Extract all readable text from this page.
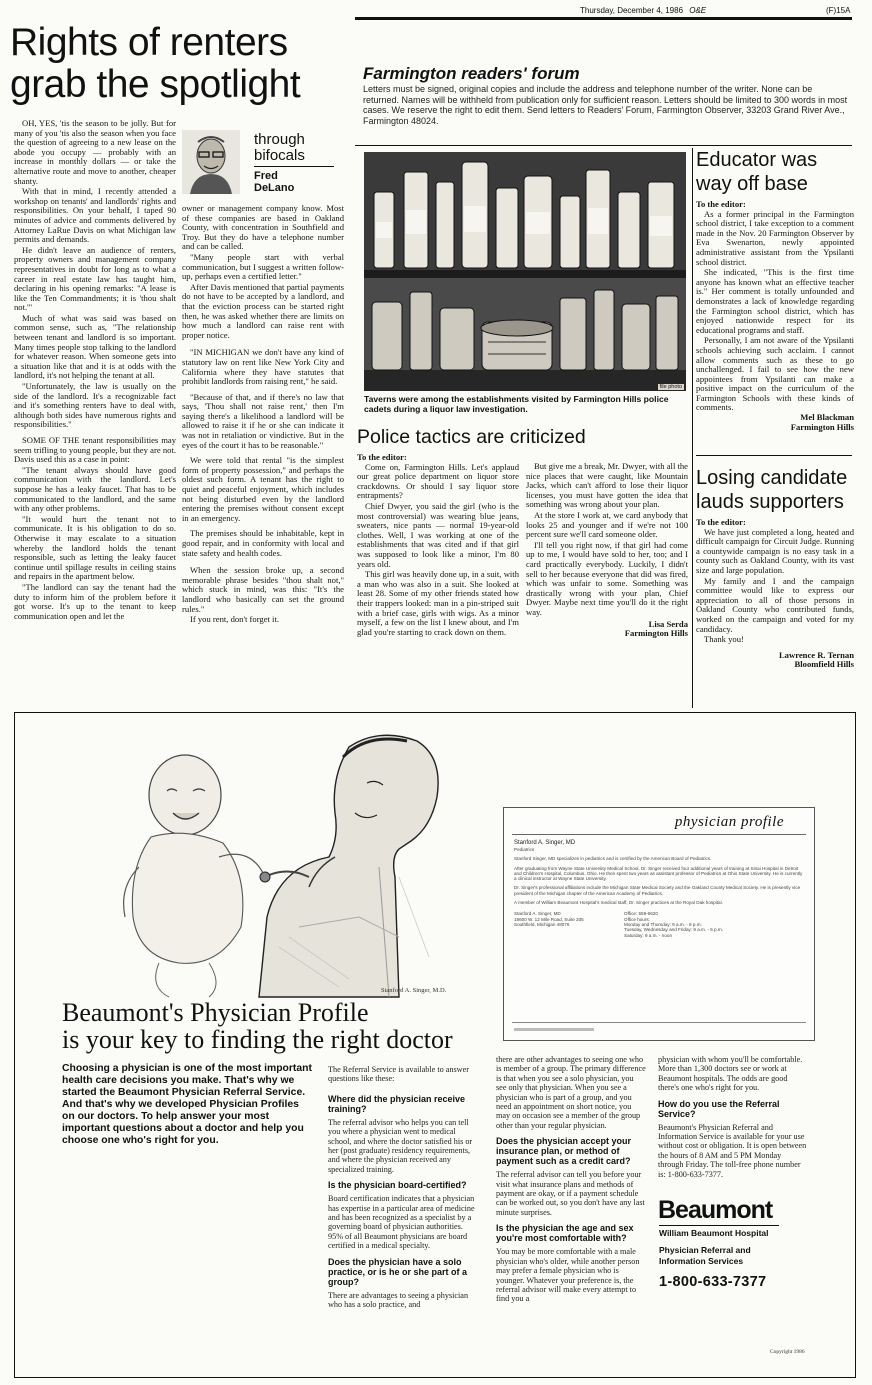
Thursday, December 4, 1986 O&E	(F)15A
Rights of renters
grab the spotlight
through
bifocals
Fred
DeLano

OH, YES, 'tis the season to be jolly. But for many of you 'tis also the season when you face the question of agreeing to a new lease on the abode you occupy — probably with an increase in monthly dollars — or take the alternative route and move to another, cheaper shanty.

With that in mind, I recently attended a workshop on tenants' and landlords' rights and responsibilities. On your behalf, I taped 90 minutes of advice and comments delivered by Attorney LaRue Davis on what Michigan law permits and demands.

He didn't leave an audience of renters, property owners and management company representatives in doubt for long as to what a career in real estate law has taught him, declaring in his opening remarks: "A lease is like the Ten Commandments; it is 'thou shalt not.'"

Much of what was said was based on common sense, such as, "The relationship between tenant and landlord is so important. Many times people stop talking to the landlord for whatever reason. When someone gets into a situation like that and it is at odds with the landlord, it's not helping the tenant at all.

"Unfortunately, the law is usually on the side of the landlord. It's a recognizable fact and it's something renters have to deal with, although both sides have numerous rights and responsibilities."

SOME OF THE tenant responsibilities may seem trifling to young people, but they are not. Davis used this as a case in point:

"The tenant always should have good communication with the landlord. Let's suppose he has a leaky faucet. That has to be communicated to the landlord, and the same with any other problems.

"It would hurt the tenant not to communicate. It is his obligation to do so. Otherwise it may escalate to a situation whereby the landlord holds the tenant responsible, such as letting the leaky faucet continue until spillage results in ceiling stains and repairs in the apartment below.

"The landlord can say the tenant had the duty to inform him of the problem before it got worse. It's up to the tenant to keep communication open and let the

owner or management company know. Most of these companies are based in Oakland County, with concentration in Southfield and Troy. But they do have a telephone number and can be called.

"Many people start with verbal communication, but I suggest a written follow-up, perhaps even a certified letter."

After Davis mentioned that partial payments do not have to be accepted by a landlord, and that the eviction process can be started right then, he was asked whether there are limits on how much a landlord can raise rent with proper notice.

"IN MICHIGAN we don't have any kind of statutory law on rent like New York City and California where they have statutes that prohibit landlords from raising rent," he said.

"Because of that, and if there's no law that says, 'Thou shall not raise rent,' then I'm saying there's a likelihood a landlord will be allowed to raise it if he or she can indicate it was not in retaliation or vindictive. But in the eyes of the court it has to be reasonable."

We were told that rental "is the simplest form of property possession," and perhaps the oldest such form. A tenant has the right to quiet and peaceful enjoyment, which includes not being disturbed even by the landlord entering the premises without consent except in an emergency.

The premises should be inhabitable, kept in good repair, and in conformity with local and state safety and health codes.

When the session broke up, a second memorable phrase besides "thou shalt not," which stuck in mind, was this: "It's the landlord who basically can set the ground rules."

If you rent, don't forget it.

Farmington readers' forum
Letters must be signed, original copies and include the address and telephone number of the writer. None can be returned. Names will be withheld from publication only for sufficient reason. Letters should be limited to 300 words in most cases. We reserve the right to edit them. Send letters to Readers' Forum, Farmington Observer, 33203 Grand River Ave., Farmington 48024.
file photo
Taverns were among the establishments visited by Farmington Hills police cadets during a liquor law investigation.
Police tactics are criticized
To the editor:

Come on, Farmington Hills. Let's applaud our great police department on liquor store crackdowns. Or should I say liquor store entrapments?

Chief Dwyer, you said the girl (who is the most controversial) was wearing blue jeans, sweaters, nice pants — normal 19-year-old clothes. Well, I was working at one of the establishments that was cited and if that girl was supposed to look like a minor, I'm 80 years old.

This girl was heavily done up, in a suit, with a man who was also in a suit. She looked at least 28. Some of my other friends stated how their trappers looked: man in a pin-striped suit with a brief case, girls with wigs. As a minor myself, a few on the list I knew about, and I'm glad you're starting to crack down on them.

But give me a break, Mr. Dwyer, with all the nice places that were caught, like Mountain Jacks, which can't afford to lose their liquor licenses, you must have gotten the idea that something was wrong about your plan.

At the store I work at, we card anybody that looks 25 and younger and if we're not 100 percent sure we'll card someone older.

I'll tell you right now, if that girl had come up to me, I would have sold to her, too; and I card practically everybody. Luckily, I didn't sell to her because everyone that did was fired, which was unfair to some. Something was drastically wrong with your plan, Chief Dwyer. Maybe next time you'll do it the right way.

Lisa Serda
Farmington Hills
Educator was
way off base
To the editor:

As a former principal in the Farmington school district, I take exception to a comment made in the Nov. 20 Farmington Observer by Eva Swenarton, newly appointed administrative assistant from the Ypsilanti school district.

She indicated, "This is the first time anyone has known what an effective teacher is." Her comment is totally unfounded and demonstrates a lack of knowledge regarding the Farmington school district, which has enjoyed nationwide respect for its educational programs and staff.

Personally, I am not aware of the Ypsilanti schools achieving such acclaim. I cannot allow comments such as these to go unchallenged. I fail to see how the new appointees from Ypsilanti can make a positive impact on the curriculum of the Farmington Schools with these kinds of comments.

Mel Blackman
Farmington Hills
Losing candidate
lauds supporters
To the editor:

We have just completed a long, heated and difficult campaign for Circuit Judge. Running a countywide campaign is no easy task in a county such as Oakland County, with its vast size and large population.

My family and I and the campaign committee would like to express our appreciation to all of those persons in Oakland County who contributed funds, worked on the campaign and voted for my candidacy.

Thank you!

Lawrence R. Ternan
Bloomfield Hills
Stanford A. Singer, M.D.
physician profile
Stanford A. Singer, MD
Pediatrics
Stanford Singer, MD specializes in pediatrics and is certified by the American Board of Pediatrics.
After graduating from Wayne State University Medical School, Dr. Singer received four additional years of training at Sinai Hospital in Detroit and Children's Hospital, Columbus, Ohio. He then spent two years as assistant professor of Pediatrics at Ohio State University. He is currently a clinical instructor at Wayne State University.
Dr. Singer's professional affiliations include the Michigan State Medical Society and the Oakland County Medical Society. He is presently vice president of the Michigan chapter of the American Academy of Pediatrics.
A member of William Beaumont Hospital's medical staff, Dr. Singer practices at the Royal Oak hospital.
Stanford A. Singer, MD
18600 W. 12 Mile Road, Suite 205
Southfield, Michigan 48076
Office: 559-6620
Office hours:
Monday and Thursday: 9 a.m. - 8 p.m.
Tuesday, Wednesday and Friday: 9 a.m. - 5 p.m.
Saturday: 9 a.m. - noon
Beaumont's Physician Profile
is your key to finding the right doctor
Choosing a physician is one of the most important health care decisions you make. That's why we started the Beaumont Physician Referral Service. And that's why we developed Physician Profiles on our doctors. To help answer your most important questions about a doctor and help you choose one who's right for you.
The Referral Service is available to answer questions like these:
Where did the physician receive training?
The referral advisor who helps you can tell you where a physician went to medical school, and where the doctor satisfied his or her (post graduate) residency requirements, and where the physician received any specialized training.
Is the physician board-certified?
Board certification indicates that a physician has expertise in a particular area of medicine and has been recognized as a specialist by a governing board of physician authorities. 95% of all Beaumont physicians are board certified in a medical specialty.
Does the physician have a solo practice, or is he or she part of a group?
There are advantages to seeing a physician who has a solo practice, and
there are other advantages to seeing one who is member of a group. The primary difference is that when you see a solo physician, you see only that physician. When you see a physician who is part of a group, and you need an appointment on short notice, you may on occasion see a member of the group other than your regular physician.
Does the physician accept your insurance plan, or method of payment such as a credit card?
The referral advisor can tell you before your visit what insurance plans and methods of payment are okay, or if a payment schedule can be worked out, so you don't have any last minute surprises.
Is the physician the age and sex you're most comfortable with?
You may be more comfortable with a male physician who's older, while another person may prefer a female physician who is younger. Whatever your preference is, the referral advisor will make every attempt to find you a
physician with whom you'll be comfortable. More than 1,300 doctors see or work at Beaumont hospitals. The odds are good there's one who's right for you.
How do you use the Referral Service?
Beaumont's Physician Referral and Information Service is available for your use without cost or obligation. It is open between the hours of 8 AM and 5 PM Monday through Friday. The toll-free phone number is: 1-800-633-7377.
Beaumont
William Beaumont Hospital
Physician Referral and
Information Services
1-800-633-7377
Copyright 1986
